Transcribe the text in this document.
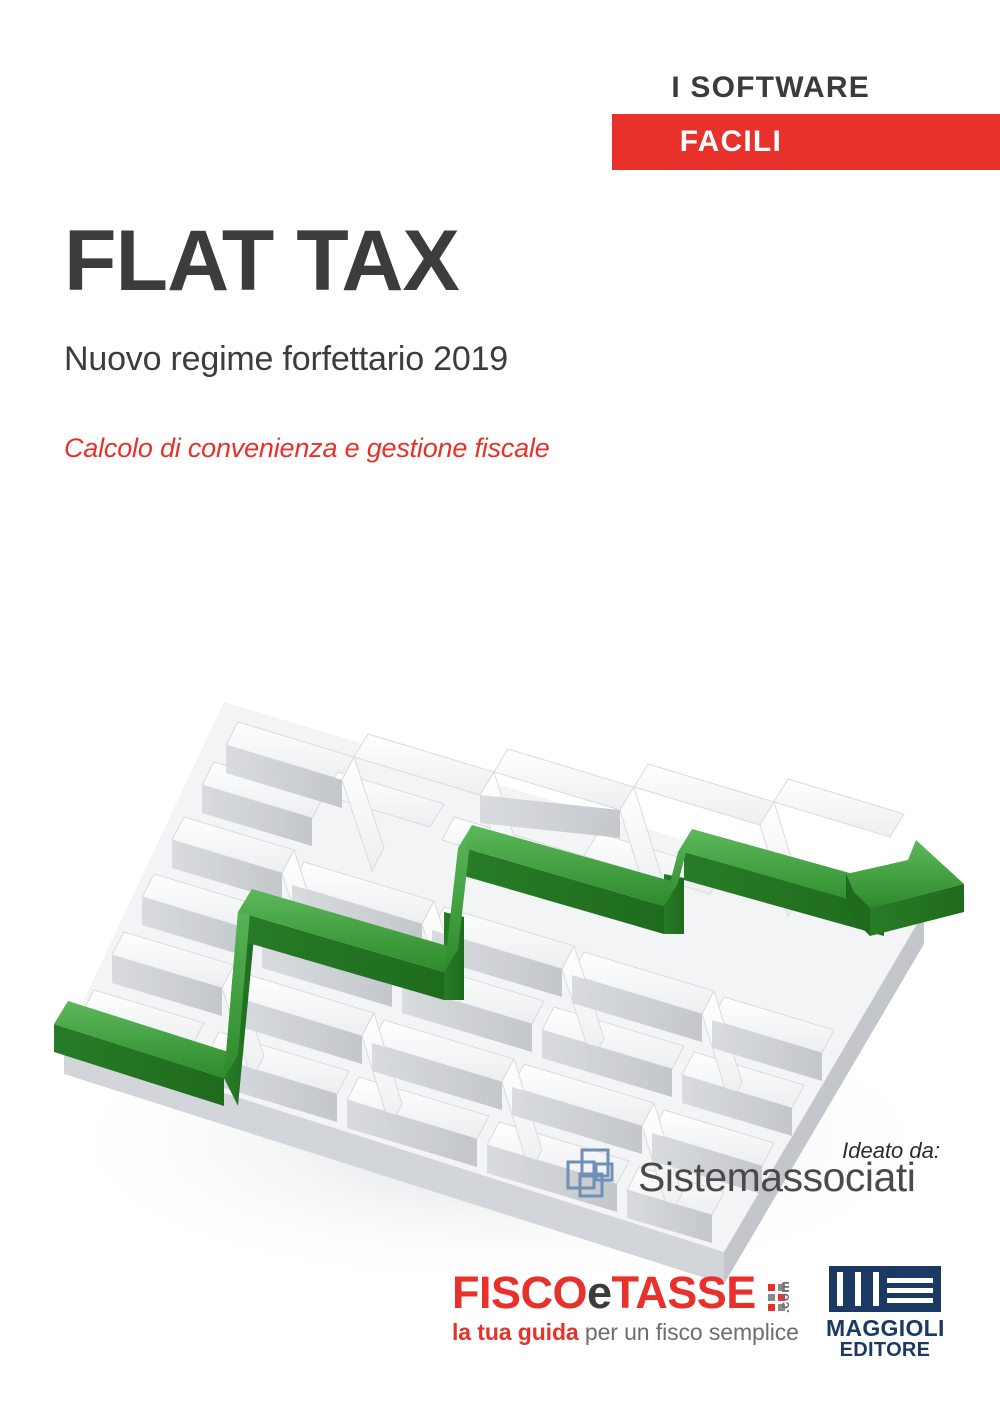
I SOFTWARE
FACILI
FLAT TAX

Nuovo regime forfettario 2019

Calcolo di convenienza e gestione fiscale

Ideato da:
Sistemassociati
FISCO e TASSE .com
la tua guida per un fisco semplice MAGGIOLI
EDITORE
